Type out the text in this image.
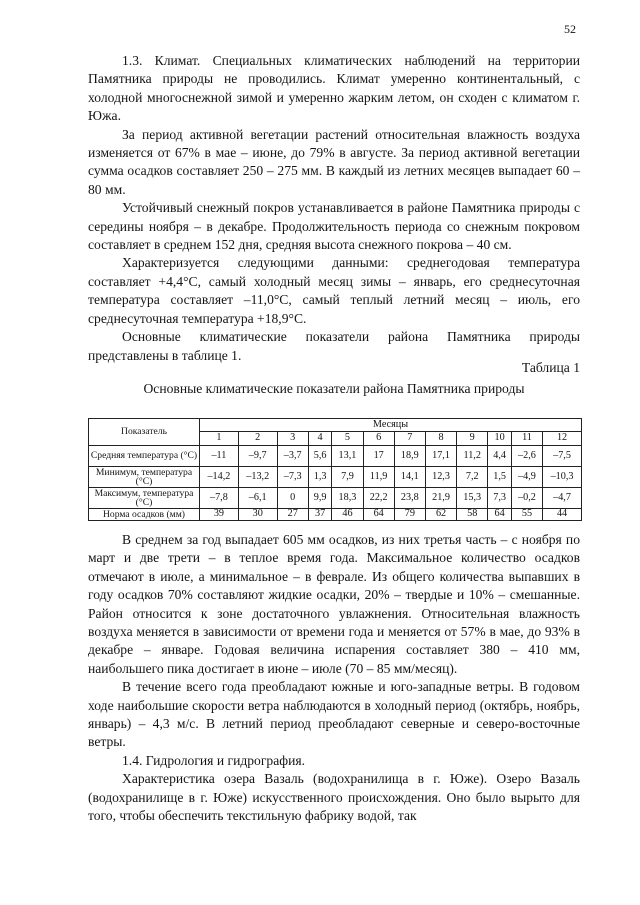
52

1.3. Климат. Специальных климатических наблюдений на территории Памятника природы не проводились. Климат умеренно континентальный, с холодной многоснежной зимой и умеренно жарким летом, он сходен с климатом г. Южа.

За период активной вегетации растений относительная влажность воздуха изменяется от 67% в мае – июне, до 79% в августе. За период активной вегетации сумма осадков составляет 250 – 275 мм. В каждый из летних месяцев выпадает 60 – 80 мм.

Устойчивый снежный покров устанавливается в районе Памятника природы с середины ноября – в декабре. Продолжительность периода со снежным покровом составляет в среднем 152 дня, средняя высота снежного покрова – 40 см.

Характеризуется следующими данными: среднегодовая температура составляет +4,4°С, самый холодный месяц зимы – январь, его среднесуточная температура составляет –11,0°С, самый теплый летний месяц – июль, его среднесуточная температура +18,9°С.

Основные климатические показатели района Памятника природы представлены в таблице 1.

Таблица 1
Основные климатические показатели района Памятника природы
Показатель	Месяцы											
	1	2	3	4	5	6	7	8	9	10	11	12
Средняя температура (°С)	–11	–9,7	–3,7	5,6	13,1	17	18,9	17,1	11,2	4,4	–2,6	–7,5
Минимум, температура (°С)	–14,2	–13,2	–7,3	1,3	7,9	11,9	14,1	12,3	7,2	1,5	–4,9	–10,3
Максимум, температура (°С)	–7,8	–6,1	0	9,9	18,3	22,2	23,8	21,9	15,3	7,3	–0,2	–4,7
Норма осадков (мм)	39	30	27	37	46	64	79	62	58	64	55	44

В среднем за год выпадает 605 мм осадков, из них третья часть – с ноября по март и две трети – в теплое время года. Максимальное количество осадков отмечают в июле, а минимальное – в феврале. Из общего количества выпавших в году осадков 70% составляют жидкие осадки, 20% – твердые и 10% – смешанные. Район относится к зоне достаточного увлажнения. Относительная влажность воздуха меняется в зависимости от времени года и меняется от 57% в мае, до 93% в декабре – январе. Годовая величина испарения составляет 380 – 410 мм, наибольшего пика достигает в июне – июле (70 – 85 мм/месяц).

В течение всего года преобладают южные и юго-западные ветры. В годовом ходе наибольшие скорости ветра наблюдаются в холодный период (октябрь, ноябрь, январь) – 4,3 м/с. В летний период преобладают северные и северо-восточные ветры.

1.4. Гидрология и гидрография.

Характеристика озера Вазаль (водохранилища в г. Юже). Озеро Вазаль (водохранилище в г. Юже) искусственного происхождения. Оно было вырыто для того, чтобы обеспечить текстильную фабрику водой, так
